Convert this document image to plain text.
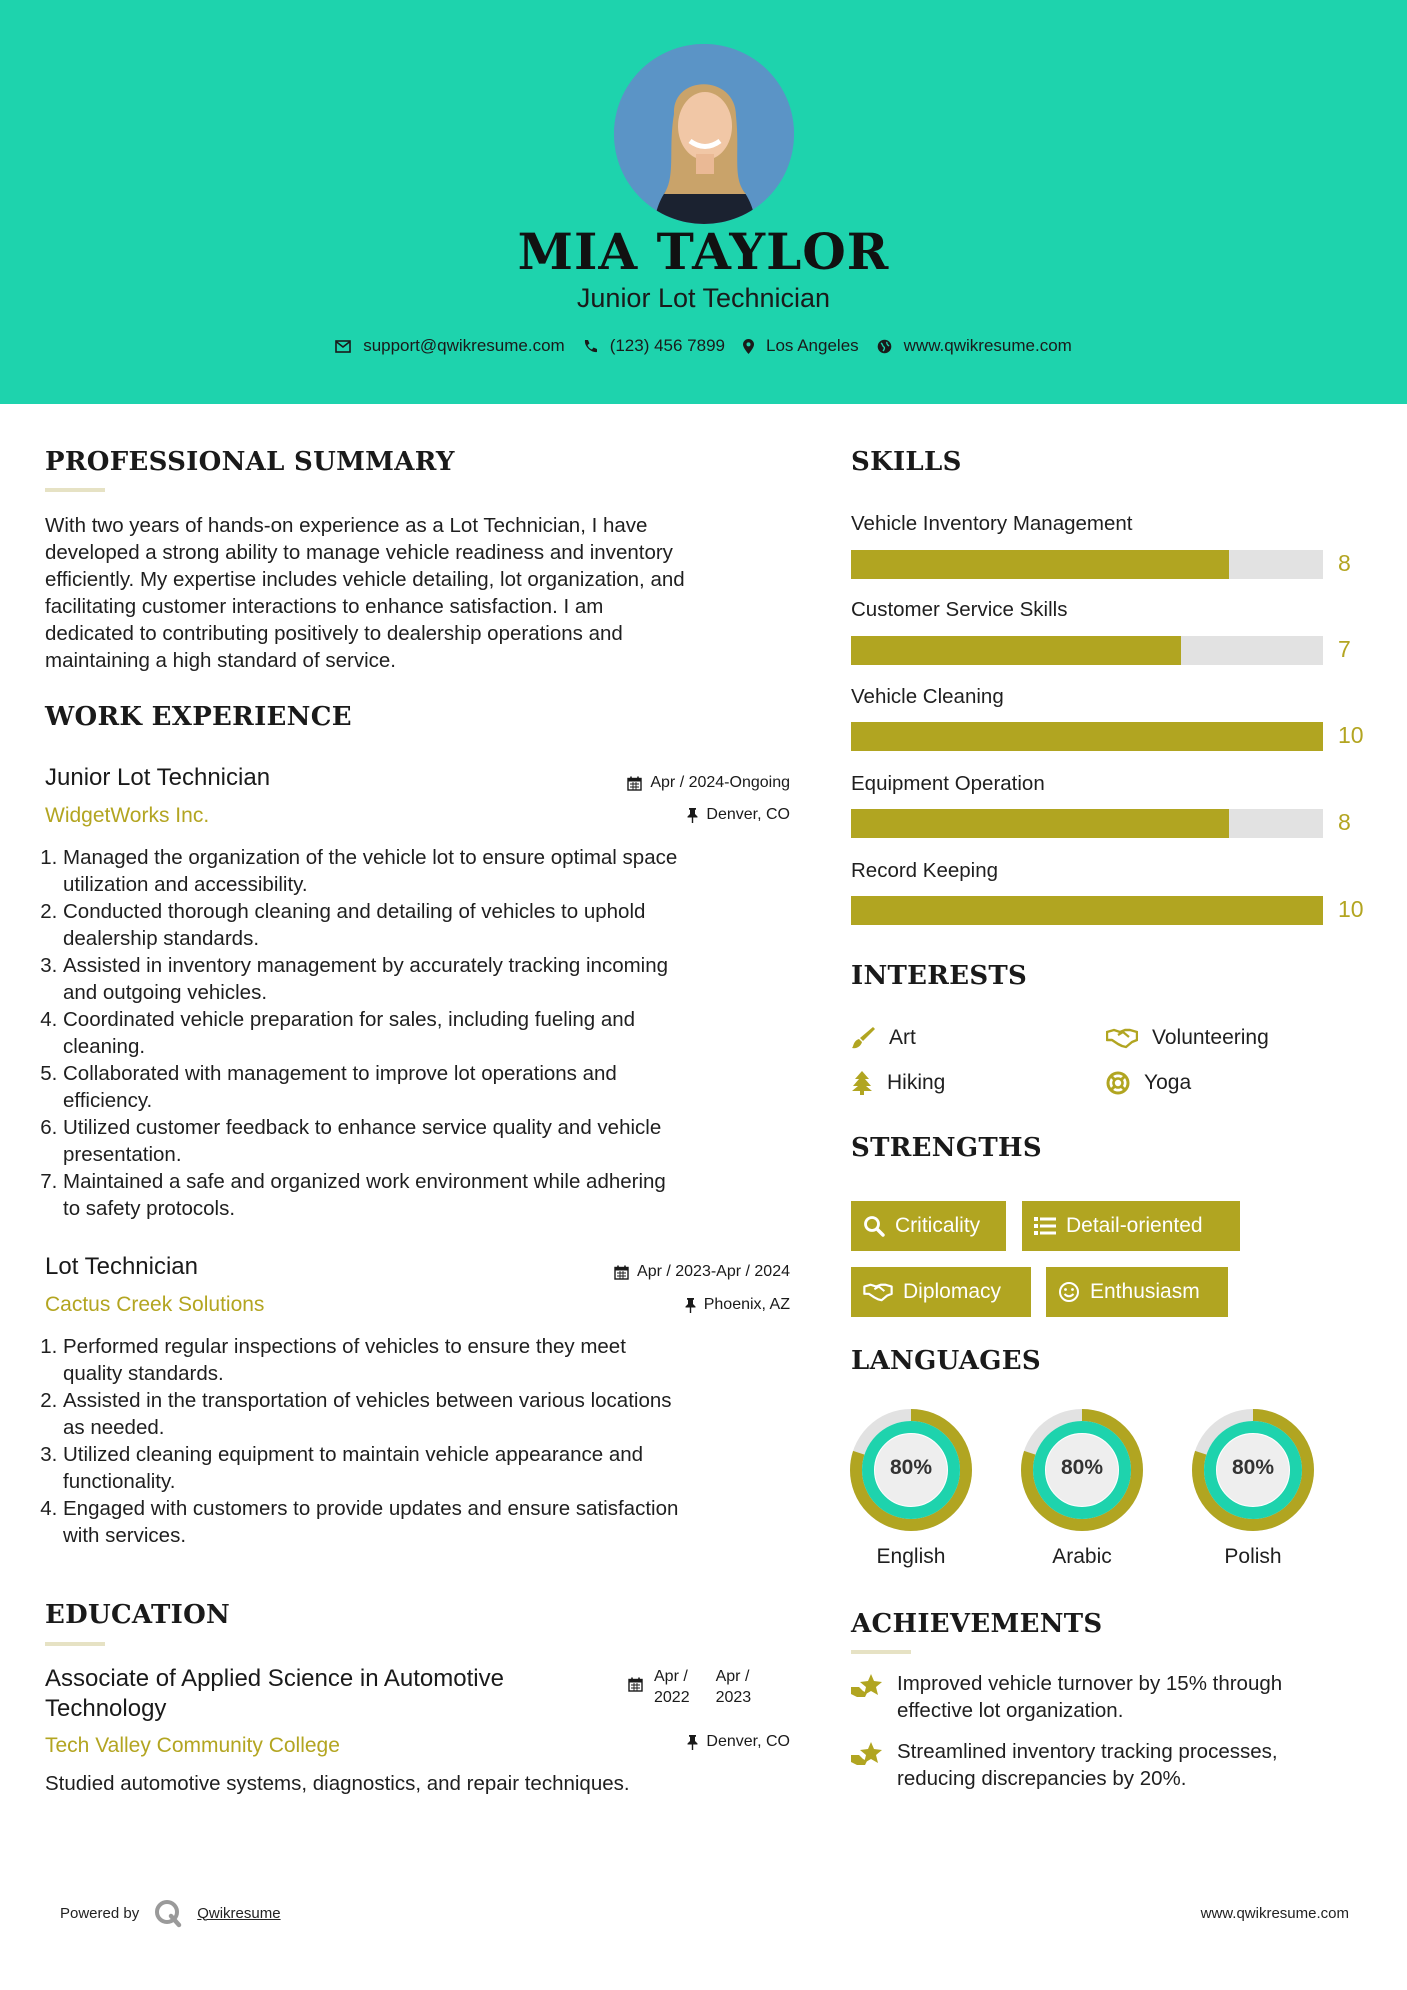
MIA TAYLOR
Junior Lot Technician
support@qwikresume.com	(123) 456 7899 Los Angeles	www.qwikresume.com
PROFESSIONAL SUMMARY
With two years of hands-on experience as a Lot Technician, I have
developed a strong ability to manage vehicle readiness and inventory
efficiently. My expertise includes vehicle detailing, lot organization, and
facilitating customer interactions to enhance satisfaction. I am
dedicated to contributing positively to dealership operations and
maintaining a high standard of service.
WORK EXPERIENCE
Junior Lot Technician
WidgetWorks Inc.
Apr / 2024-Ongoing
Denver, CO
1. Managed the organization of the vehicle lot to ensure optimal space
utilization and accessibility.
2. Conducted thorough cleaning and detailing of vehicles to uphold
dealership standards.
3. Assisted in inventory management by accurately tracking incoming
and outgoing vehicles.
4. Coordinated vehicle preparation for sales, including fueling and
cleaning.
5. Collaborated with management to improve lot operations and
efficiency.
6. Utilized customer feedback to enhance service quality and vehicle
presentation.
7. Maintained a safe and organized work environment while adhering
to safety protocols.
Lot Technician
Cactus Creek Solutions
Apr / 2023-Apr / 2024
Phoenix, AZ
1. Performed regular inspections of vehicles to ensure they meet
quality standards.
2. Assisted in the transportation of vehicles between various locations
as needed.
3. Utilized cleaning equipment to maintain vehicle appearance and
functionality.
4. Engaged with customers to provide updates and ensure satisfaction
with services.
EDUCATION
Associate of Applied Science in Automotive
Technology
Tech Valley Community College
Apr /
2022
Apr /
2023
Denver, CO
Studied automotive systems, diagnostics, and repair techniques.
SKILLS
Vehicle Inventory Management
8
Customer Service Skills
7
Vehicle Cleaning
10
Equipment Operation
8
Record Keeping
10
INTERESTS
Art	Volunteering
Hiking	Yoga
STRENGTHS
Criticality	Detail-oriented
Diplomacy	Enthusiasm
LANGUAGES
80%
English
80%
Arabic
80%
Polish
ACHIEVEMENTS
Improved vehicle turnover by 15% through
effective lot organization.
Streamlined inventory tracking processes,
reducing discrepancies by 20%.
Powered by	Qwikresume	www.qwikresume.com
